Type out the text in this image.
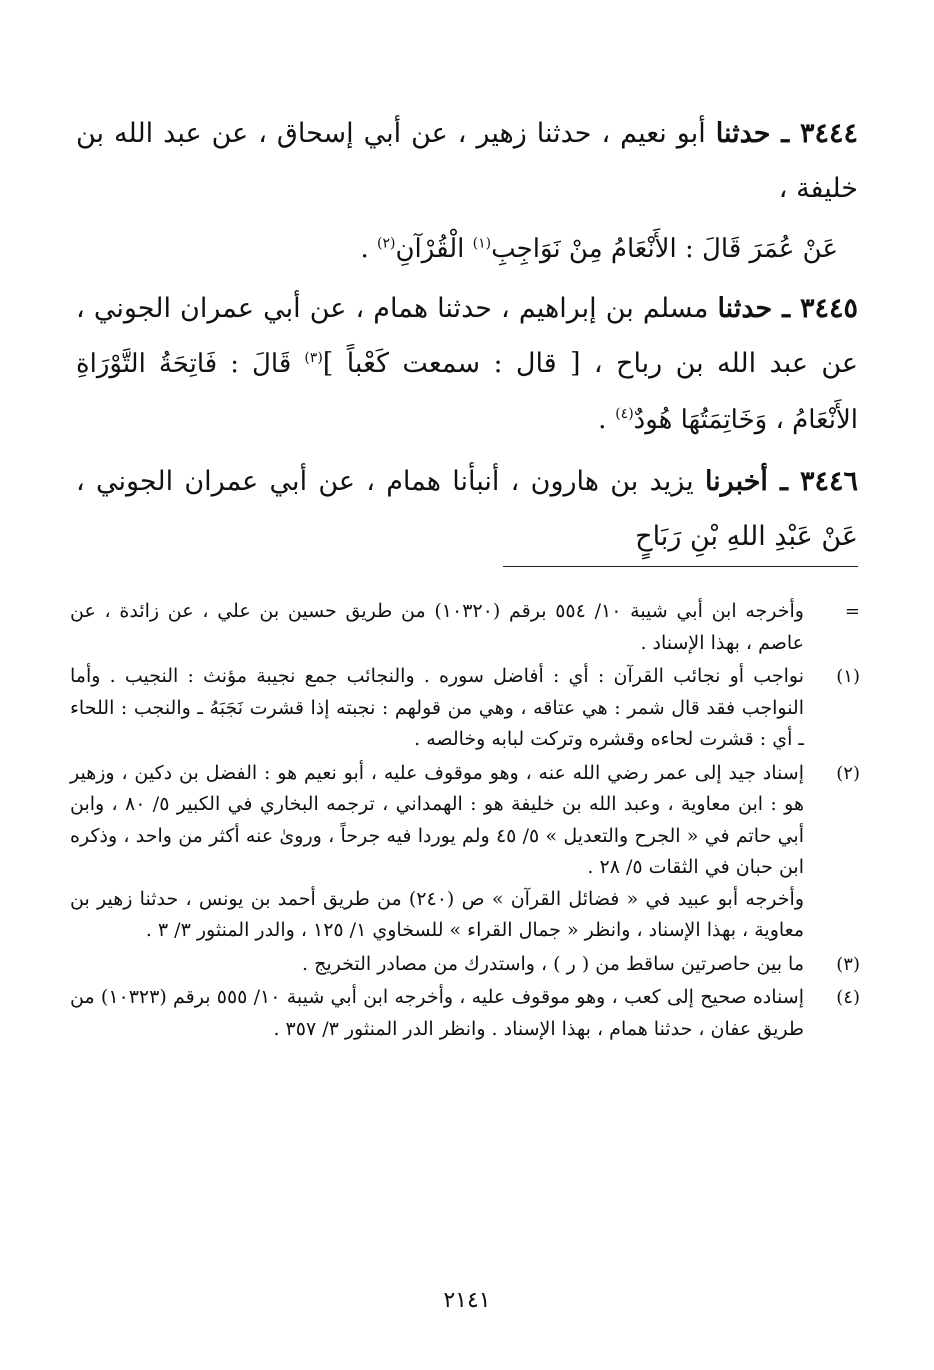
٣٤٤٤ ـ حدثنا أبو نعيم ، حدثنا زهير ، عن أبي إسحاق ، عن عبد الله بن خليفة ،

عَنْ عُمَرَ قَالَ : الأَنْعَامُ مِنْ نَوَاجِبِ$^{(١)}$ الْقُرْآنِ$^{(٢)}$ .

٣٤٤٥ ـ حدثنا مسلم بن إبراهيم ، حدثنا همام ، عن أبي عمران الجوني ، عن عبد الله بن رباح ، [ قال : سمعت كَعْباً ]$^{(٣)}$ قَالَ : فَاتِحَةُ التَّوْرَاةِ الأَنْعَامُ ، وَخَاتِمَتُهَا هُودٌ$^{(٤)}$ .

٣٤٤٦ ـ أخبرنا يزيد بن هارون ، أنبأنا همام ، عن أبي عمران الجوني ، عَنْ عَبْدِ اللهِ بْنِ رَبَاحٍ

=
وأخرجه ابن أبي شيبة ١٠/ ٥٥٤ برقم (١٠٣٢٠) من طريق حسين بن علي ، عن زائدة ، عن عاصم ، بهذا الإسناد .
(١)
نواجب أو نجائب القرآن : أي : أفاضل سوره . والنجائب جمع نجيبة مؤنث : النجيب . وأما النواجب فقد قال شمر : هي عتاقه ، وهي من قولهم : نجبته إذا قشرت نَجَبَهُ ـ والنجب : اللحاء ـ أي : قشرت لحاءه وقشره وتركت لبابه وخالصه .
(٢)
إسناد جيد إلى عمر رضي الله عنه ، وهو موقوف عليه ، أبو نعيم هو : الفضل بن دكين ، وزهير هو : ابن معاوية ، وعبد الله بن خليفة هو : الهمداني ، ترجمه البخاري في الكبير ٥/ ٨٠ ، وابن أبي حاتم في « الجرح والتعديل » ٥/ ٤٥ ولم يوردا فيه جرحاً ، وروىٰ عنه أكثر من واحد ، وذكره ابن حبان في الثقات ٥/ ٢٨ .
وأخرجه أبو عبيد في « فضائل القرآن » ص (٢٤٠) من طريق أحمد بن يونس ، حدثنا زهير بن معاوية ، بهذا الإسناد ، وانظر « جمال القراء » للسخاوي ١/ ١٢٥ ، والدر المنثور ٣/ ٣ .
(٣)
ما بين حاصرتين ساقط من ( ر ) ، واستدرك من مصادر التخريج .
(٤)
إسناده صحيح إلى كعب ، وهو موقوف عليه ، وأخرجه ابن أبي شيبة ١٠/ ٥٥٥ برقم (١٠٣٢٣) من طريق عفان ، حدثنا همام ، بهذا الإسناد . وانظر الدر المنثور ٣/ ٣٥٧ .
٢١٤١
